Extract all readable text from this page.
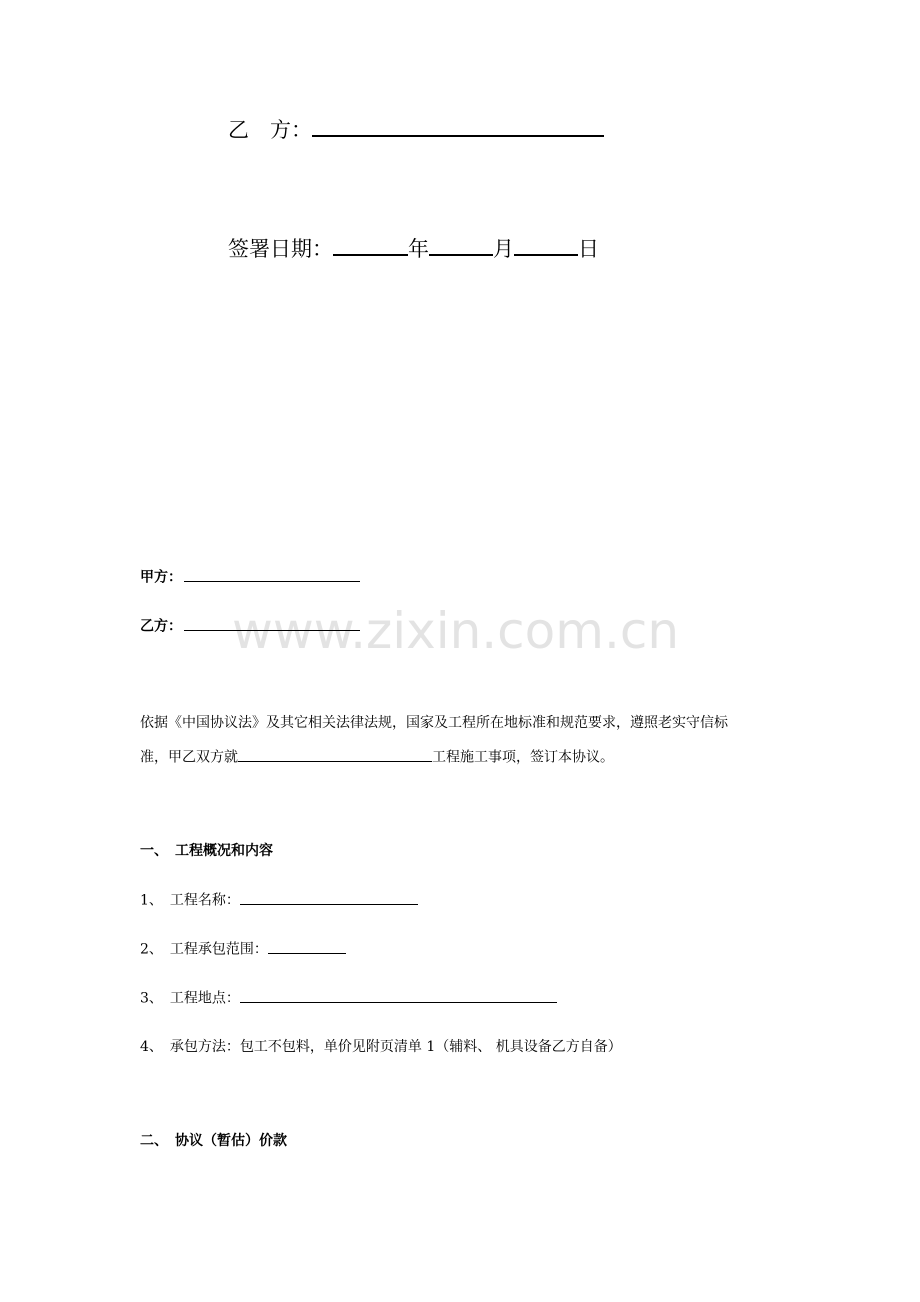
www.zixin.com.cn
乙　方：
签署日期：	年	月	日
甲方：
乙方：
依据《中国协议法》及其它相关法律法规，国家及工程所在地标准和规范要求，遵照老实守信标
准，甲乙双方就	工程施工事项，签订本协议。
一、　工程概况和内容
1、　工程名称：
2、　工程承包范围：
3、　工程地点：
4、　承包方法：包工不包料，单价见附页清单 1（辅料、 机具设备乙方自备）
二、　协议（暂估）价款
